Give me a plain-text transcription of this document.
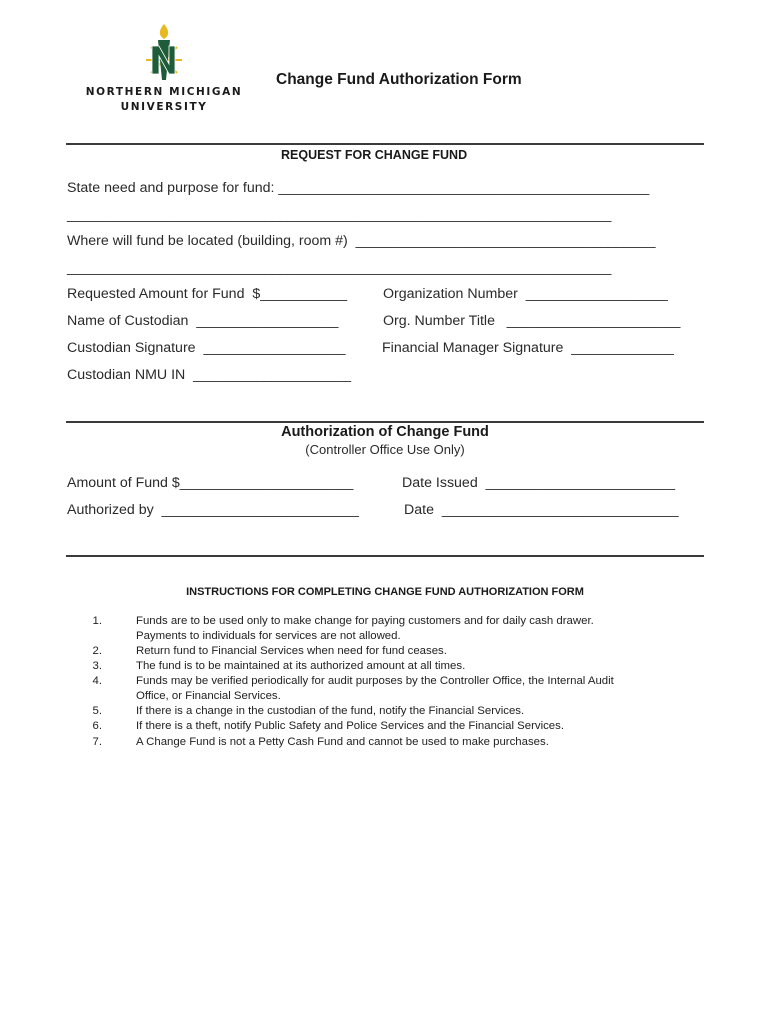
NORTHERN MICHIGAN
UNIVERSITY
Change Fund Authorization Form
REQUEST FOR CHANGE FUND
State need and purpose for fund: _______________________________________________
_____________________________________________________________________
Where will fund be located (building, room #)  ______________________________________
_____________________________________________________________________
Requested Amount for Fund  $___________	Organization Number  __________________
Name of Custodian  __________________	Org. Number Title   ______________________
Custodian Signature  __________________	Financial Manager Signature  _____________
Custodian NMU IN  ____________________
Authorization of Change Fund
(Controller Office Use Only)
Amount of Fund $______________________	Date Issued  ________________________
Authorized by  _________________________	Date  ______________________________
INSTRUCTIONS FOR COMPLETING CHANGE FUND AUTHORIZATION FORM
1.	Funds are to be used only to make change for paying customers and for daily cash drawer.
Payments to individuals for services are not allowed.
2.	Return fund to Financial Services when need for fund ceases.
3.	The fund is to be maintained at its authorized amount at all times.
4.	Funds may be verified periodically for audit purposes by the Controller Office, the Internal Audit
Office, or Financial Services.
5.	If there is a change in the custodian of the fund, notify the Financial Services.
6.	If there is a theft, notify Public Safety and Police Services and the Financial Services.
7.	A Change Fund is not a Petty Cash Fund and cannot be used to make purchases.
